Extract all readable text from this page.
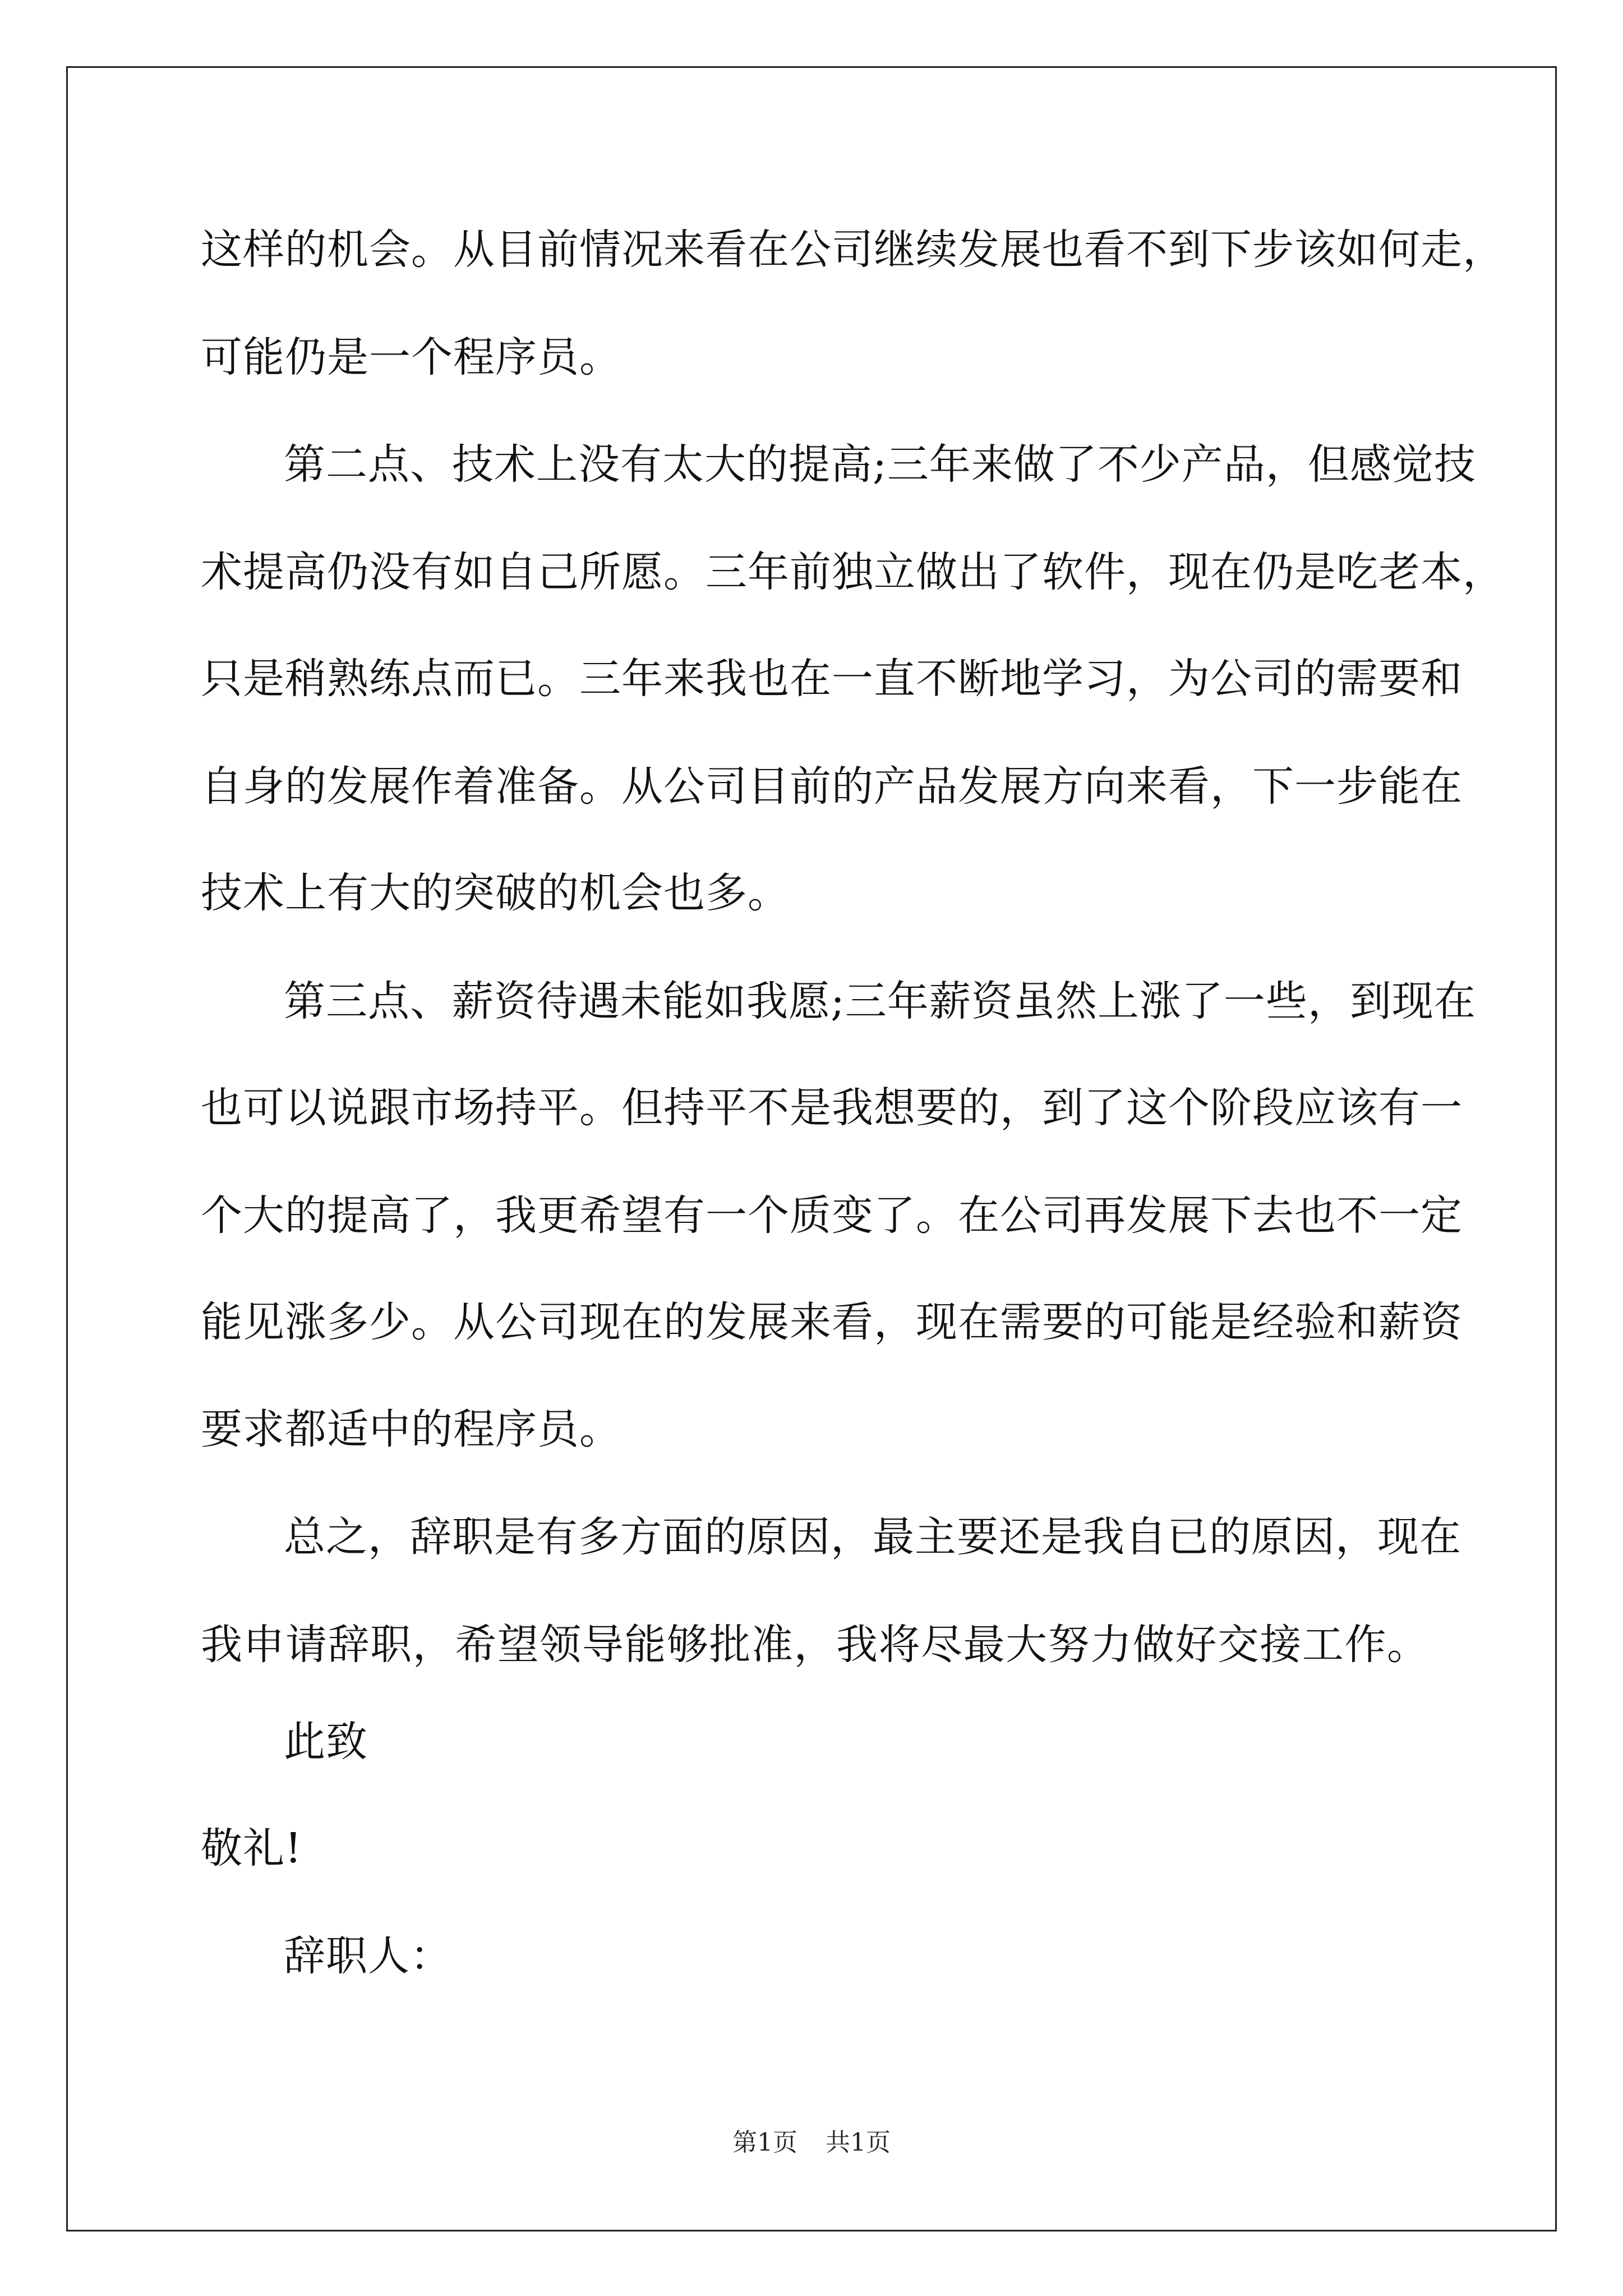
这样的机会。从目前情况来看在公司继续发展也看不到下步该如何走，
可能仍是一个程序员。
第二点、技术上没有太大的提高;三年来做了不少产品，但感觉技
术提高仍没有如自己所愿。三年前独立做出了软件，现在仍是吃老本，
只是稍熟练点而已。三年来我也在一直不断地学习，为公司的需要和
自身的发展作着准备。从公司目前的产品发展方向来看，下一步能在
技术上有大的突破的机会也多。
第三点、薪资待遇未能如我愿;三年薪资虽然上涨了一些，到现在
也可以说跟市场持平。但持平不是我想要的，到了这个阶段应该有一
个大的提高了，我更希望有一个质变了。在公司再发展下去也不一定
能见涨多少。从公司现在的发展来看，现在需要的可能是经验和薪资
要求都适中的程序员。
总之，辞职是有多方面的原因，最主要还是我自已的原因，现在
我申请辞职，希望领导能够批准，我将尽最大努力做好交接工作。
此致
敬礼!
辞职人：
第1页 共1页
